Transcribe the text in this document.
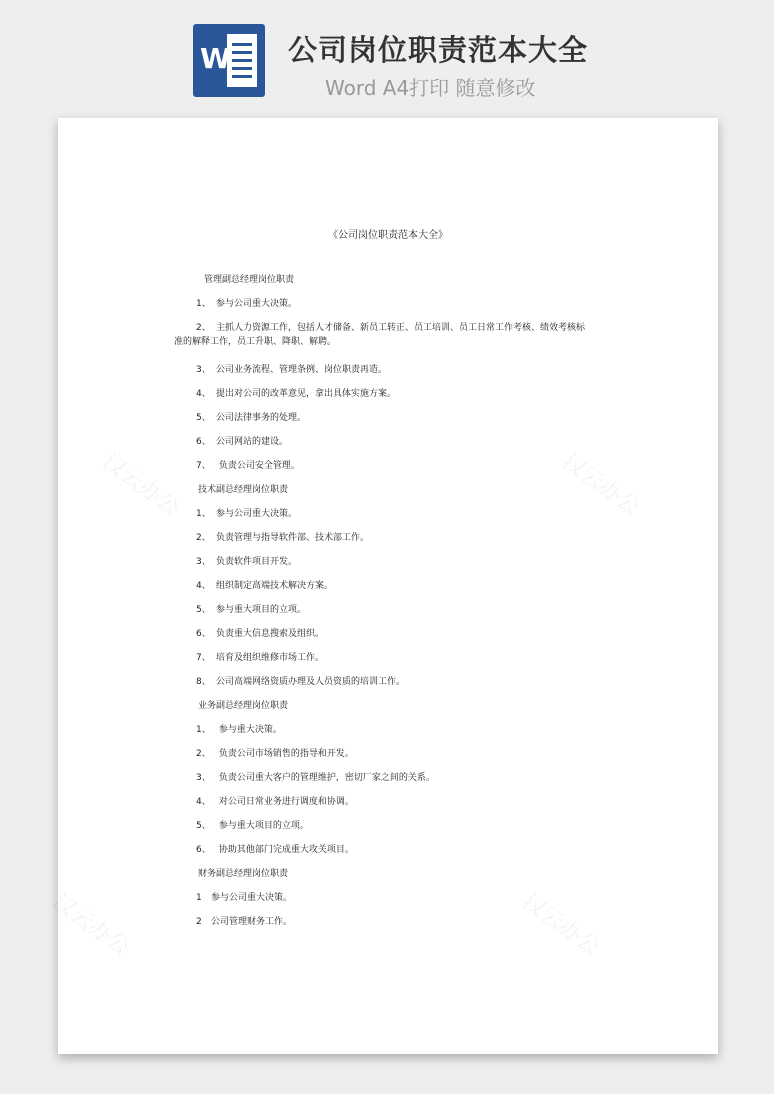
W 公司岗位职责范本大全
Word A4打印 随意修改
汉云办公	汉云办公
汉云办公	汉云办公
《公司岗位职责范本大全》
管理副总经理岗位职责
1、 参与公司重大决策。
2、 主抓人力资源工作，包括人才储备、新员工转正、员工培训、员工日常工作考核、绩效考核标
准的解释工作，员工升职、降职、解聘。
3、 公司业务流程、管理条例、岗位职责再造。
4、 提出对公司的改革意见，拿出具体实施方案。
5、 公司法律事务的处理。
6、 公司网站的建设。
7、 负责公司安全管理。
技术副总经理岗位职责
1、 参与公司重大决策。
2、 负责管理与指导软件部、技术部工作。
3、 负责软件项目开发。
4、 组织制定高端技术解决方案。
5、 参与重大项目的立项。
6、 负责重大信息搜索及组织。
7、 培育及组织维修市场工作。
8、 公司高端网络资质办理及人员资质的培训工作。
业务副总经理岗位职责
1、 参与重大决策。
2、 负责公司市场销售的指导和开发。
3、 负责公司重大客户的管理维护，密切厂家之间的关系。
4、 对公司日常业务进行调度和协调。
5、 参与重大项目的立项。
6、 协助其他部门完成重大攻关项目。
财务副总经理岗位职责
1 参与公司重大决策。
2 公司管理财务工作。
